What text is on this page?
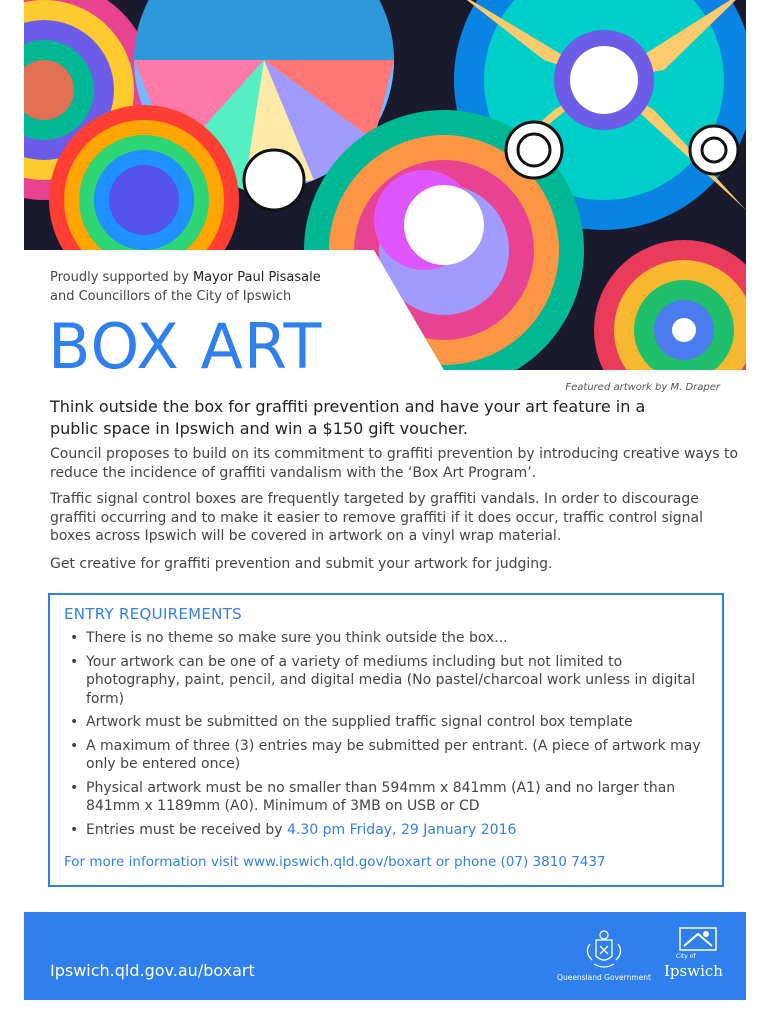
Proudly supported by Mayor Paul Pisasale
and Councillors of the City of Ipswich
BOX ART
Featured artwork by M. Draper
Think outside the box for graffiti prevention and have your art feature in a public space in Ipswich and win a $150 gift voucher.

Council proposes to build on its commitment to graffiti prevention by introducing creative ways to reduce the incidence of graffiti vandalism with the ‘Box Art Program’.

Traffic signal control boxes are frequently targeted by graffiti vandals. In order to discourage graffiti occurring and to make it easier to remove graffiti if it does occur, traffic control signal boxes across Ipswich will be covered in artwork on a vinyl wrap material.

Get creative for graffiti prevention and submit your artwork for judging.

ENTRY REQUIREMENTS
• There is no theme so make sure you think outside the box...
• Your artwork can be one of a variety of mediums including but not limited to photography, paint, pencil, and digital media (No pastel/charcoal work unless in digital form)
• Artwork must be submitted on the supplied traffic signal control box template
• A maximum of three (3) entries may be submitted per entrant. (A piece of artwork may only be entered once)
• Physical artwork must be no smaller than 594mm x 841mm (A1) and no larger than 841mm x 1189mm (A0). Minimum of 3MB on USB or CD
• Entries must be received by 4.30 pm Friday, 29 January 2016
For more information visit www.ipswich.qld.gov/boxart or phone (07) 3810 7437
Ipswich.qld.gov.au/boxart	Queensland Government
City of
Ipswich
